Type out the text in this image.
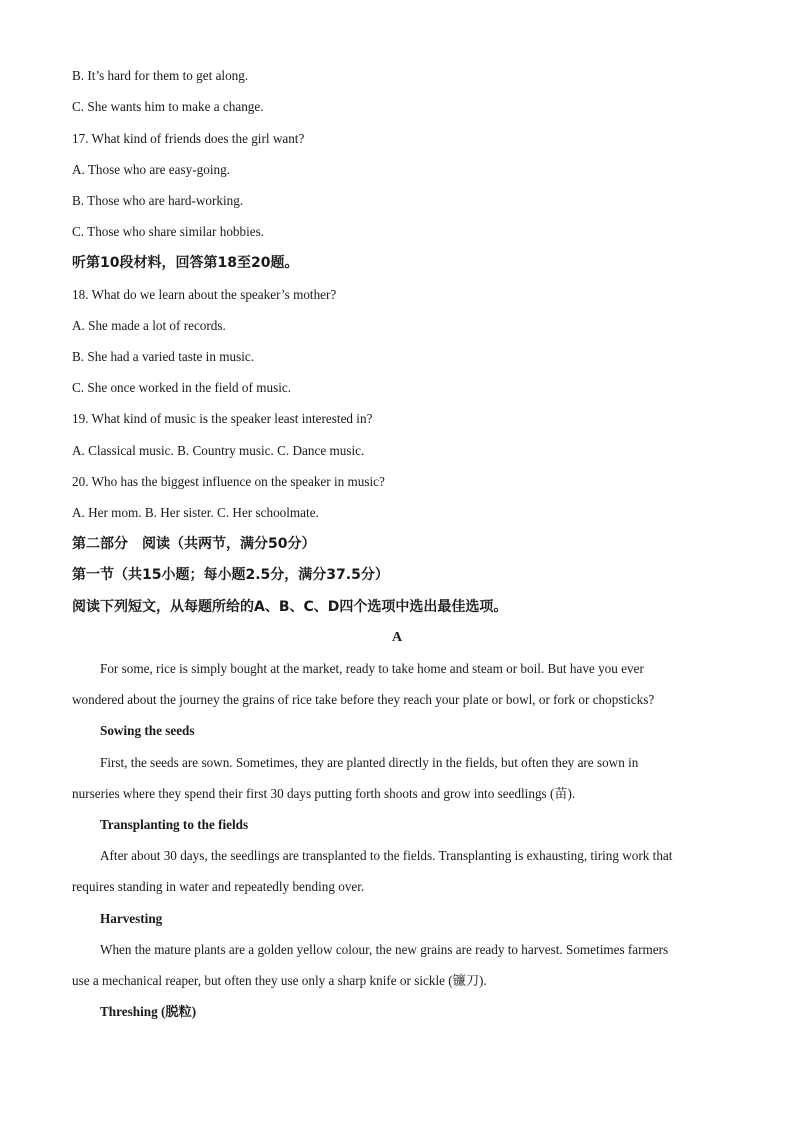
B. It’s hard for them to get along.
C. She wants him to make a change.
17. What kind of friends does the girl want?
A. Those who are easy-going.
B. Those who are hard-working.
C. Those who share similar hobbies.
听第10段材料，回答第18至20题。
18. What do we learn about the speaker’s mother?
A. She made a lot of records.
B. She had a varied taste in music.
C. She once worked in the field of music.
19. What kind of music is the speaker least interested in?
A. Classical music. B. Country music. C. Dance music.
20. Who has the biggest influence on the speaker in music?
A. Her mom. B. Her sister. C. Her schoolmate.
第二部分　阅读（共两节，满分50分）
第一节（共15小题；每小题2.5分，满分37.5分）
阅读下列短文，从每题所给的A、B、C、D四个选项中选出最佳选项。
A
For some, rice is simply bought at the market, ready to take home and steam or boil. But have you ever
wondered about the journey the grains of rice take before they reach your plate or bowl, or fork or chopsticks?
Sowing the seeds
First, the seeds are sown. Sometimes, they are planted directly in the fields, but often they are sown in
nurseries where they spend their first 30 days putting forth shoots and grow into seedlings (苗).
Transplanting to the fields
After about 30 days, the seedlings are transplanted to the fields. Transplanting is exhausting, tiring work that
requires standing in water and repeatedly bending over.
Harvesting
When the mature plants are a golden yellow colour, the new grains are ready to harvest. Sometimes farmers
use a mechanical reaper, but often they use only a sharp knife or sickle (镰刀).
Threshing (脱粒)
